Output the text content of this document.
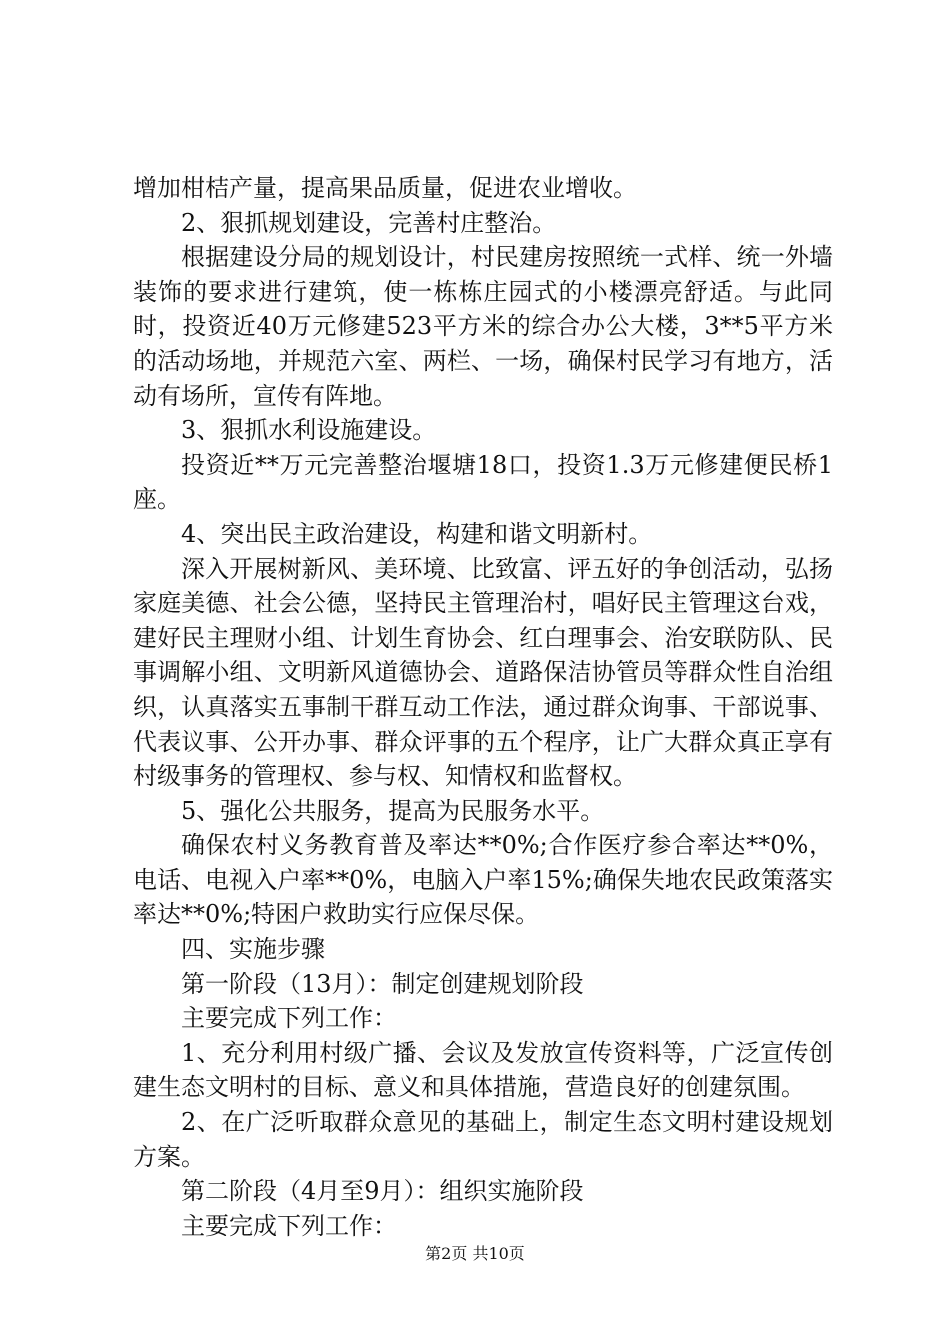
增加柑桔产量，提高果品质量，促进农业增收。

2、狠抓规划建设，完善村庄整治。

根据建设分局的规划设计，村民建房按照统一式样、统一外墙装饰的要求进行建筑，使一栋栋庄园式的小楼漂亮舒适。与此同时，投资近40万元修建523平方米的综合办公大楼，3**5平方米的活动场地，并规范六室、两栏、一场，确保村民学习有地方，活动有场所，宣传有阵地。

3、狠抓水利设施建设。

投资近**万元完善整治堰塘18口，投资1.3万元修建便民桥1座。

4、突出民主政治建设，构建和谐文明新村。

深入开展树新风、美环境、比致富、评五好的争创活动，弘扬家庭美德、社会公德，坚持民主管理治村，唱好民主管理这台戏，建好民主理财小组、计划生育协会、红白理事会、治安联防队、民事调解小组、文明新风道德协会、道路保洁协管员等群众性自治组织，认真落实五事制干群互动工作法，通过群众询事、干部说事、代表议事、公开办事、群众评事的五个程序，让广大群众真正享有村级事务的管理权、参与权、知情权和监督权。

5、强化公共服务，提高为民服务水平。

确保农村义务教育普及率达**0%;合作医疗参合率达**0%，电话、电视入户率**0%，电脑入户率15%;确保失地农民政策落实率达**0%;特困户救助实行应保尽保。

四、实施步骤

第一阶段（13月）：制定创建规划阶段

主要完成下列工作：

1、充分利用村级广播、会议及发放宣传资料等，广泛宣传创建生态文明村的目标、意义和具体措施，营造良好的创建氛围。

2、在广泛听取群众意见的基础上，制定生态文明村建设规划方案。

第二阶段（4月至9月）：组织实施阶段

主要完成下列工作：

第2页 共10页
